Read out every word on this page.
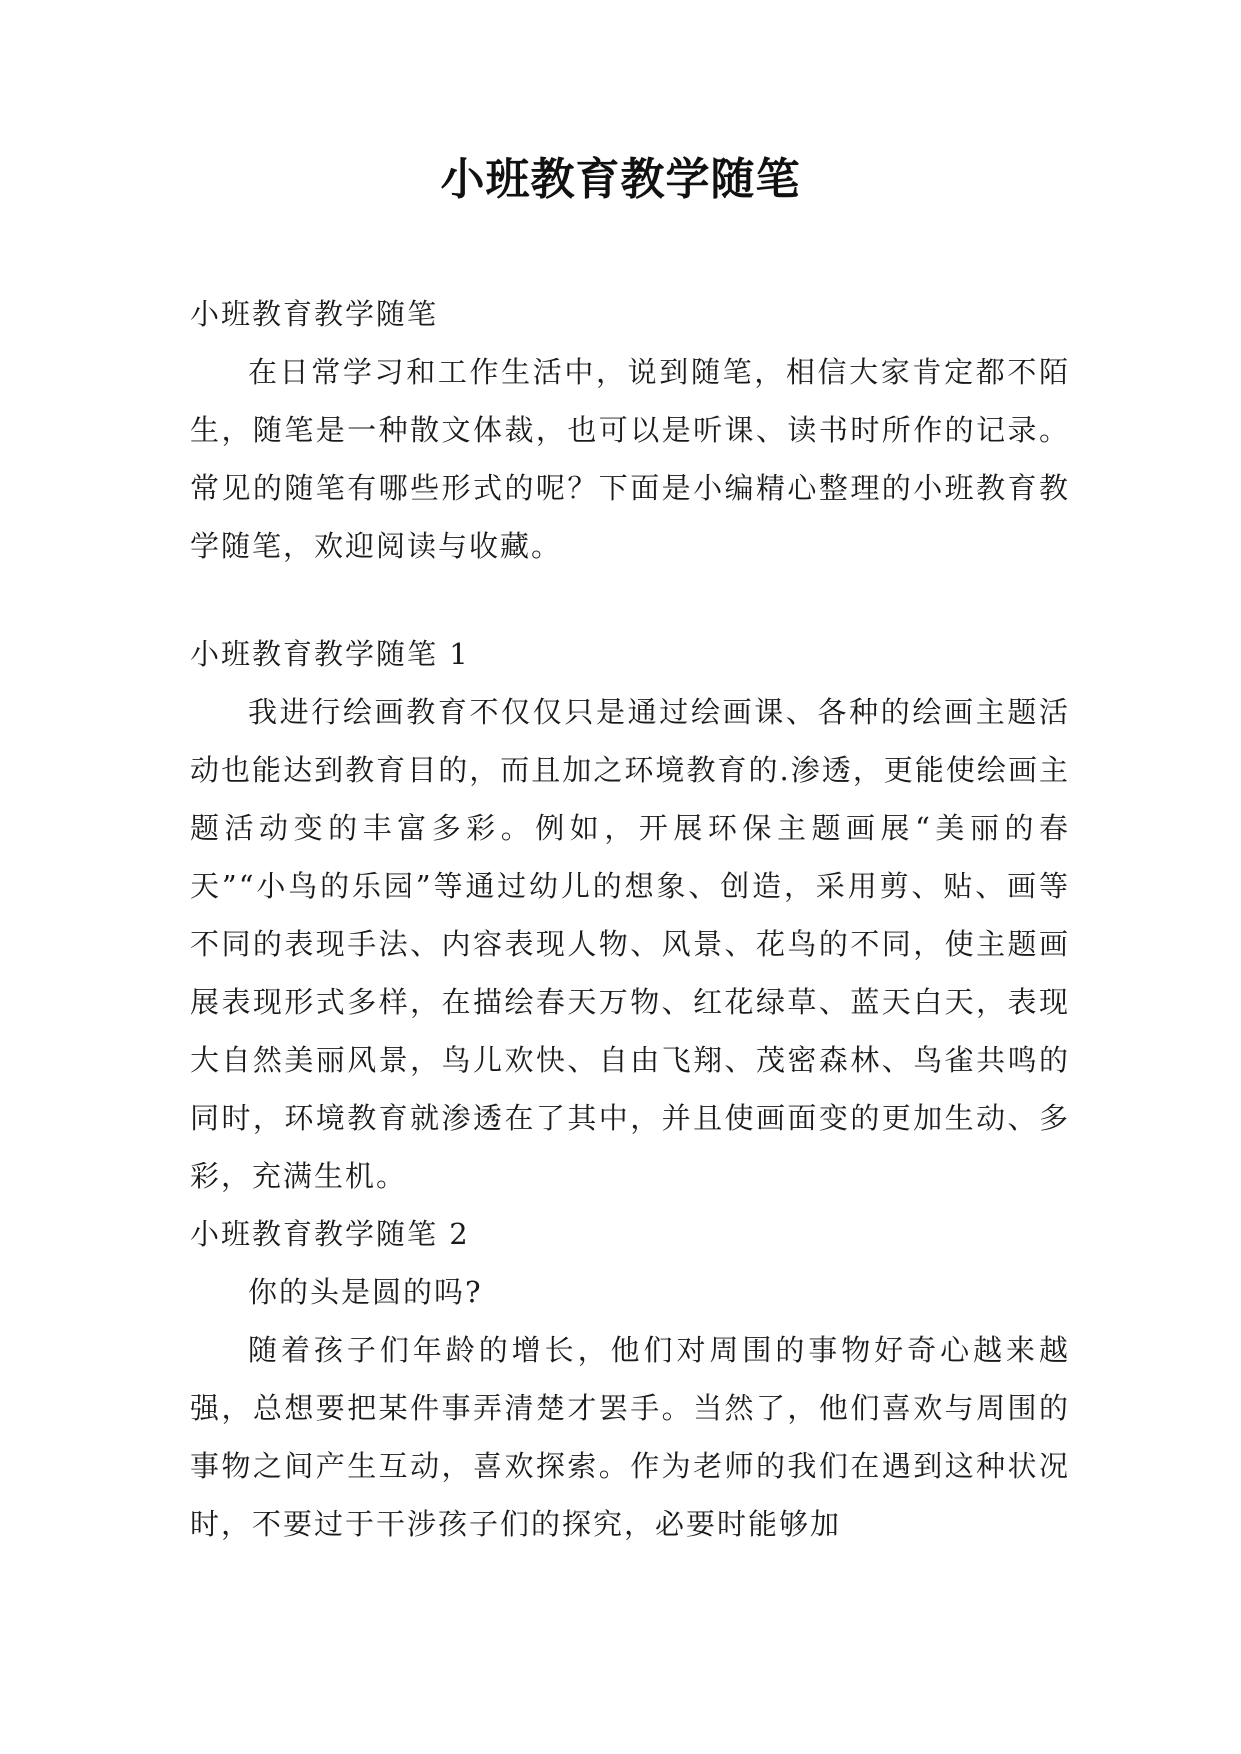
小班教育教学随笔
小班教育教学随笔

在日常学习和工作生活中，说到随笔，相信大家肯定都不陌生，随笔是一种散文体裁，也可以是听课、读书时所作的记录。常见的随笔有哪些形式的呢？下面是小编精心整理的小班教育教学随笔，欢迎阅读与收藏。

小班教育教学随笔 1

我进行绘画教育不仅仅只是通过绘画课、各种的绘画主题活动也能达到教育目的，而且加之环境教育的.渗透，更能使绘画主题活动变的丰富多彩。例如，开展环保主题画展“美丽的春天”“小鸟的乐园”等通过幼儿的想象、创造，采用剪、贴、画等不同的表现手法、内容表现人物、风景、花鸟的不同，使主题画展表现形式多样，在描绘春天万物、红花绿草、蓝天白天，表现大自然美丽风景，鸟儿欢快、自由飞翔、茂密森林、鸟雀共鸣的同时，环境教育就渗透在了其中，并且使画面变的更加生动、多彩，充满生机。

小班教育教学随笔 2

你的头是圆的吗?

随着孩子们年龄的增长，他们对周围的事物好奇心越来越强，总想要把某件事弄清楚才罢手。当然了，他们喜欢与周围的事物之间产生互动，喜欢探索。作为老师的我们在遇到这种状况时，不要过于干涉孩子们的探究，必要时能够加
